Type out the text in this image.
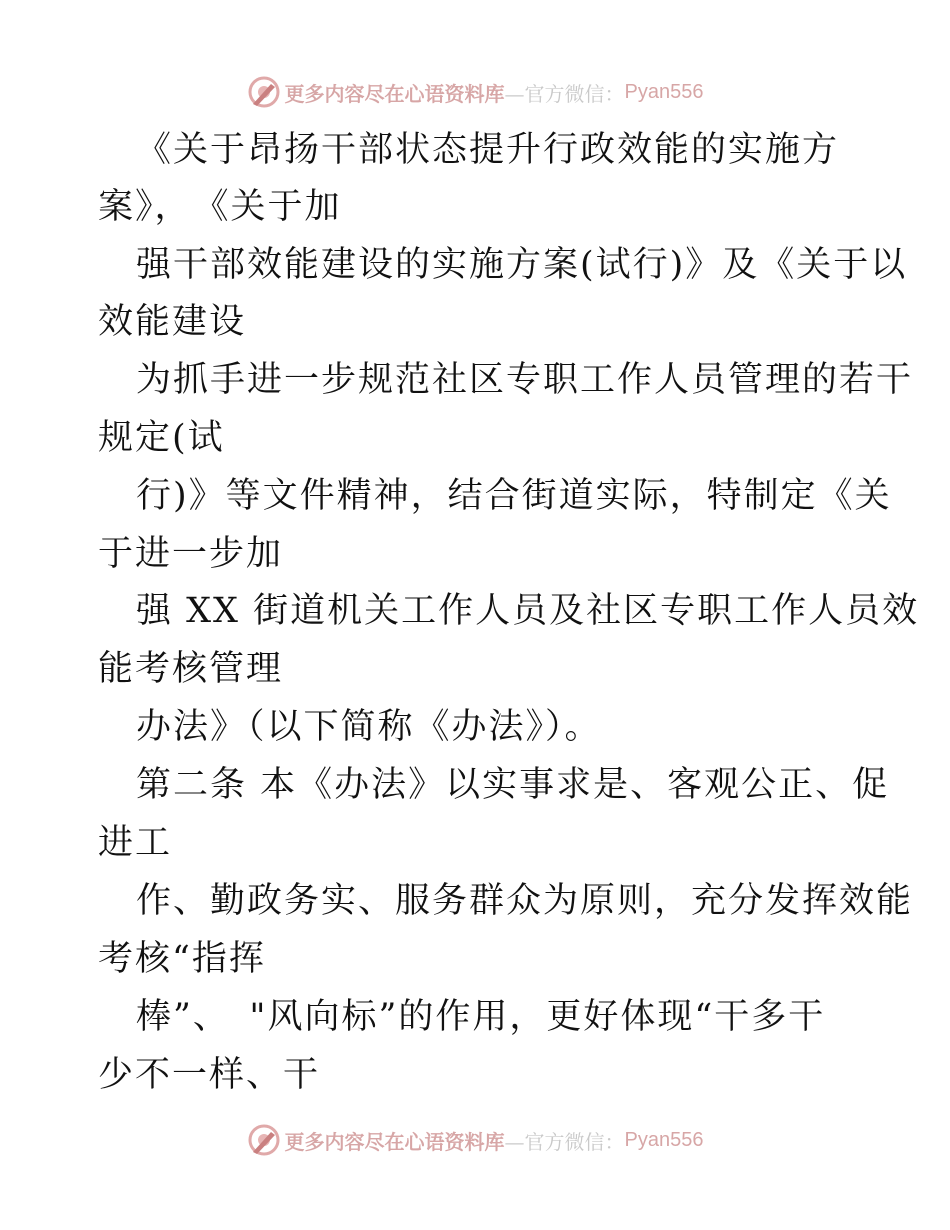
更多内容尽在心语资料库 —官方微信： Pyan556
《关于昂扬干部状态提升行政效能的实施方
案》，　《关于加
强干部效能建设的实施方案(试行)》及《关于以
效能建设
为抓手进一步规范社区专职工作人员管理的若干
规定(试
行)》等文件精神，结合街道实际，特制定《关
于进一步加
强 XX 街道机关工作人员及社区专职工作人员效
能考核管理
办法》（以下简称《办法》）。
第二条 本《办法》以实事求是、客观公正、促
进工
作、勤政务实、服务群众为原则，充分发挥效能
考核“指挥
棒”、　"风向标”的作用，更好体现“干多干
少不一样、干
更多内容尽在心语资料库 —官方微信： Pyan556
